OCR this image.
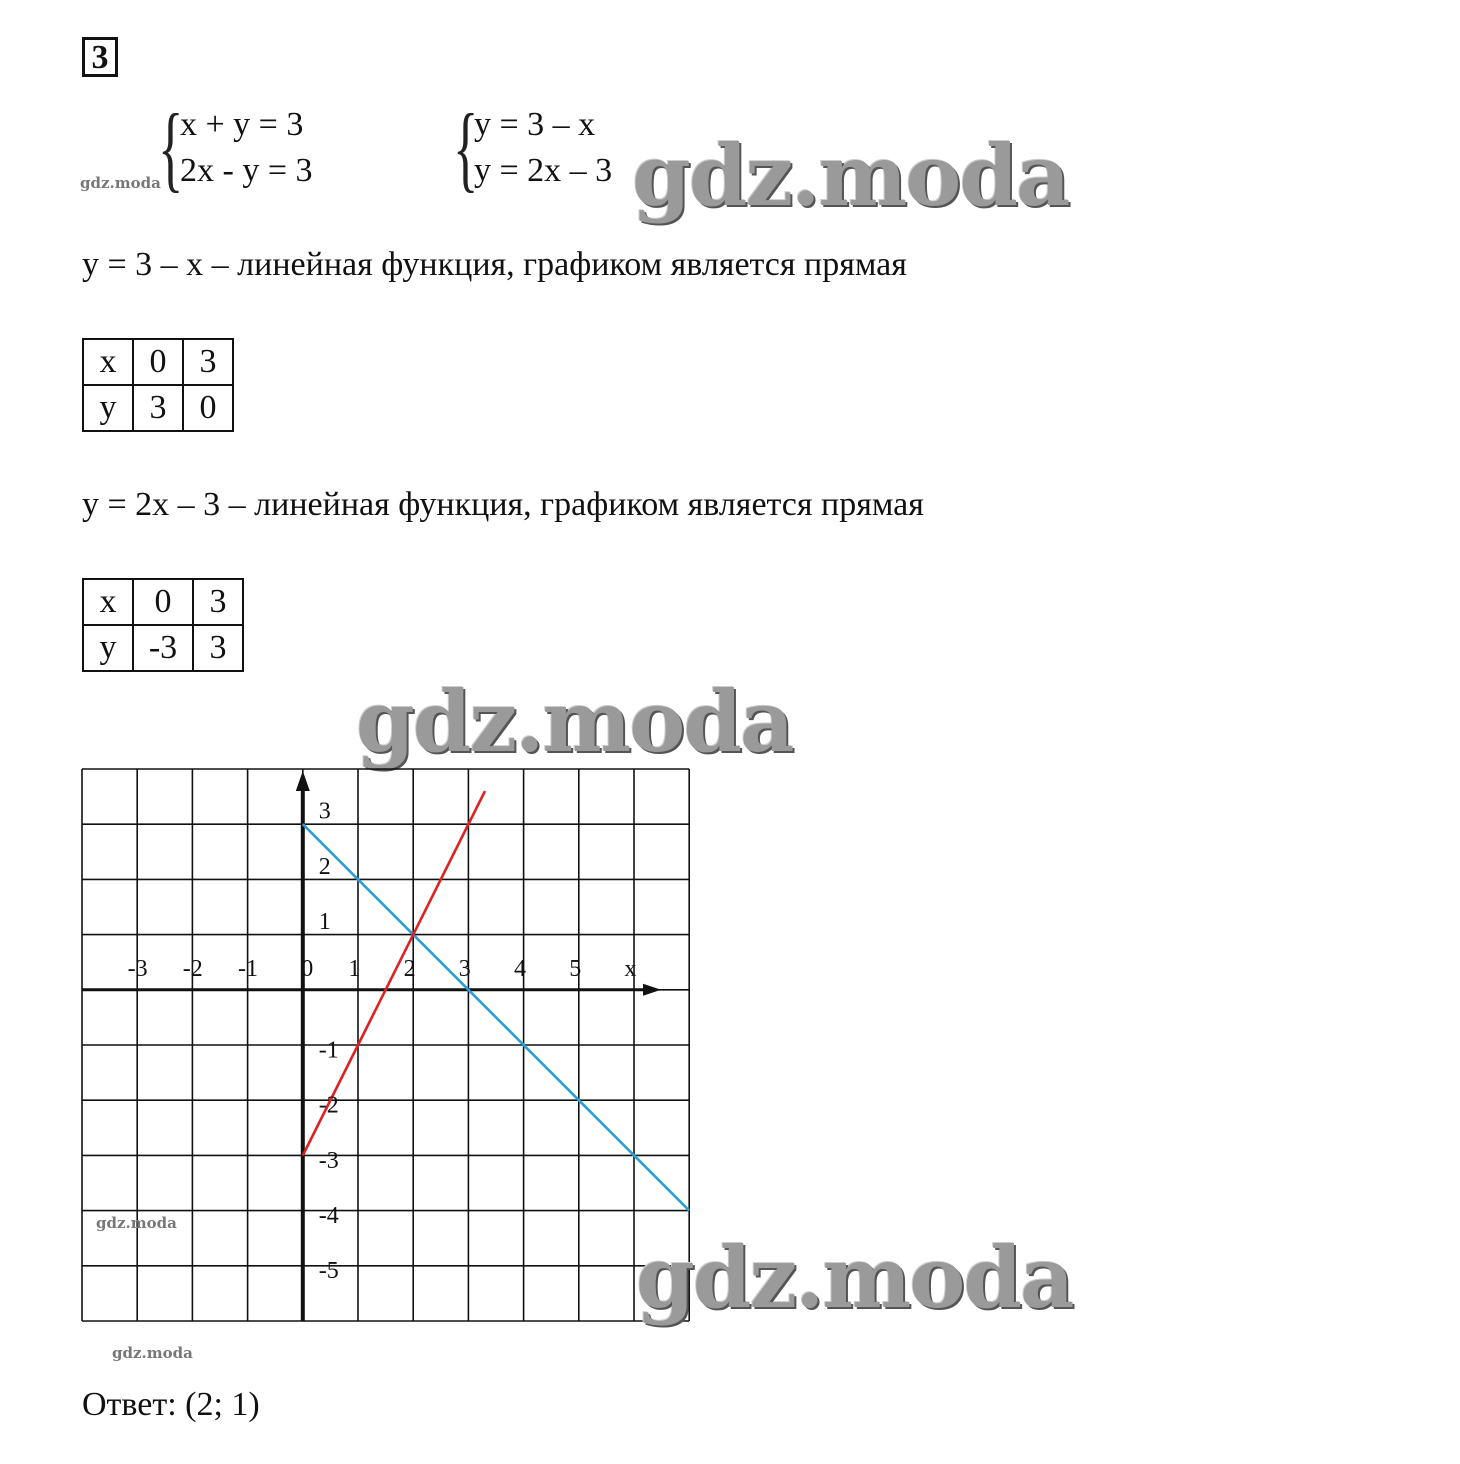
3
{
x + y = 3
2x - y = 3 {
y = 3 – x
y = 2x – 3
gdz.moda	gdz.moda
y = 3 – x – линейная функция, графиком является прямая
x	0	3
y	3	0
y = 2x – 3 – линейная функция, графиком является прямая
x	0	3
y	-3	3
gdz.moda
-3 -2 -1 0 1 2 3 4 5 x
3
2
1
-1
-2
-3
-4
-5
gdz.moda
gdz.moda
gdz.moda
Ответ: (2; 1)
